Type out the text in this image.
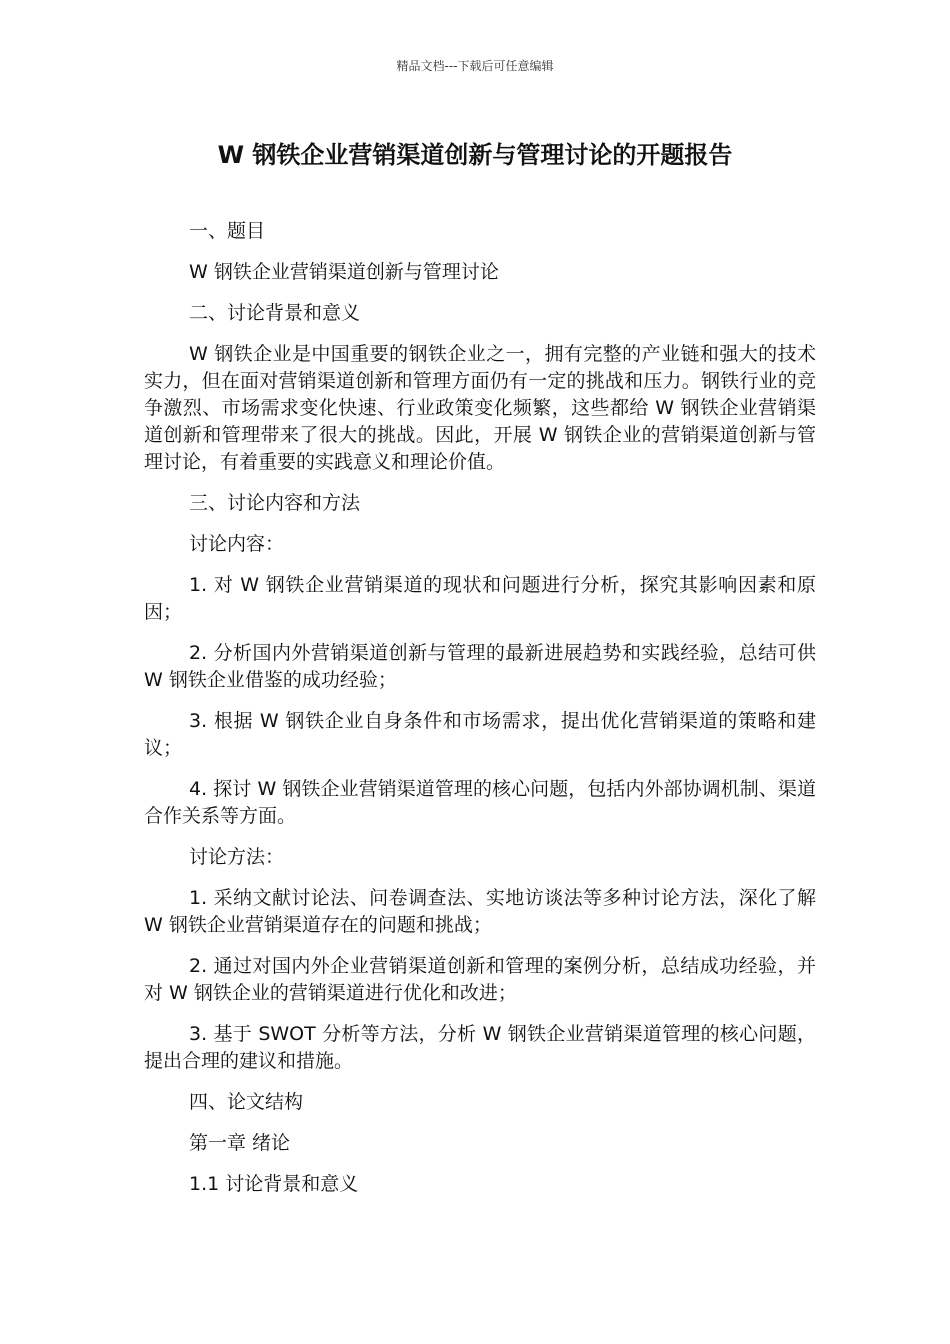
精品文档---下载后可任意编辑
W 钢铁企业营销渠道创新与管理讨论的开题报告
一、题目
W 钢铁企业营销渠道创新与管理讨论
二、讨论背景和意义
W 钢铁企业是中国重要的钢铁企业之一，拥有完整的产业链和强大的技术实力，但在面对营销渠道创新和管理方面仍有一定的挑战和压力。钢铁行业的竞争激烈、市场需求变化快速、行业政策变化频繁，这些都给 W 钢铁企业营销渠道创新和管理带来了很大的挑战。因此，开展 W 钢铁企业的营销渠道创新与管理讨论，有着重要的实践意义和理论价值。
三、讨论内容和方法
讨论内容：
1. 对 W 钢铁企业营销渠道的现状和问题进行分析，探究其影响因素和原因；
2. 分析国内外营销渠道创新与管理的最新进展趋势和实践经验，总结可供 W 钢铁企业借鉴的成功经验；
3. 根据 W 钢铁企业自身条件和市场需求，提出优化营销渠道的策略和建议；
4. 探讨 W 钢铁企业营销渠道管理的核心问题，包括内外部协调机制、渠道合作关系等方面。
讨论方法：
1. 采纳文献讨论法、问卷调查法、实地访谈法等多种讨论方法，深化了解 W 钢铁企业营销渠道存在的问题和挑战；
2. 通过对国内外企业营销渠道创新和管理的案例分析，总结成功经验，并对 W 钢铁企业的营销渠道进行优化和改进；
3. 基于 SWOT 分析等方法，分析 W 钢铁企业营销渠道管理的核心问题，提出合理的建议和措施。
四、论文结构
第一章 绪论
1.1 讨论背景和意义
